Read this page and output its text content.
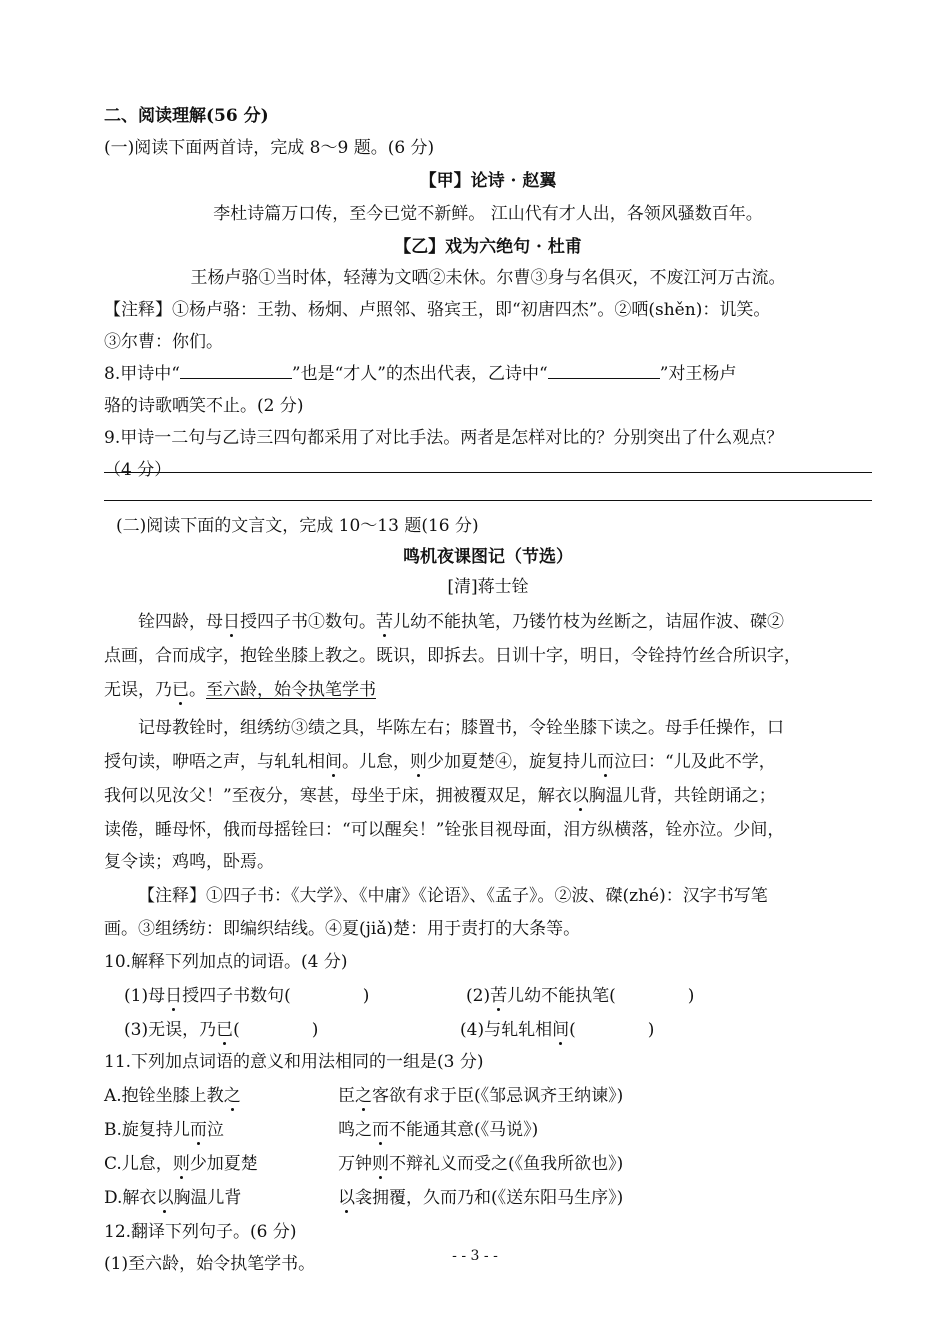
二、阅读理解(56 分)
(一)阅读下面两首诗，完成 8～9 题。(6 分)
【甲】论诗 · 赵翼
李杜诗篇万口传，至今已觉不新鲜。 江山代有才人出，各领风骚数百年。
【乙】戏为六绝句 · 杜甫
王杨卢骆①当时体，轻薄为文哂②未休。尔曹③身与名俱灭，不废江河万古流。
【注释】①杨卢骆：王勃、杨炯、卢照邻、骆宾王，即“初唐四杰”。②哂(shěn)：讥笑。
③尔曹：你们。
8.甲诗中“	”也是“才人”的杰出代表，乙诗中“	”对王杨卢
骆的诗歌哂笑不止。(2 分)
9.甲诗一二句与乙诗三四句都采用了对比手法。两者是怎样对比的？分别突出了什么观点？
（4 分）
(二)阅读下面的文言文，完成 10～13 题(16 分)
鸣机夜课图记（节选）
[清]蒋士铨
铨四龄，母日授四子书①数句。苦儿幼不能执笔，乃镂竹枝为丝断之，诘屈作波、磔②
点画，合而成字，抱铨坐膝上教之。既识，即拆去。日训十字，明日，令铨持竹丝合所识字，
无误，乃已。至六龄，始令执笔学书
记母教铨时，组绣纺③绩之具，毕陈左右；膝置书，令铨坐膝下读之。母手任操作，口
授句读，咿唔之声，与轧轧相间。儿怠，则少加夏楚④，旋复持儿而泣曰：“儿及此不学，
我何以见汝父！”至夜分，寒甚，母坐于床，拥被覆双足，解衣以胸温儿背，共铨朗诵之；
读倦，睡母怀，俄而母摇铨曰：“可以醒矣！”铨张目视母面，泪方纵横落，铨亦泣。少间，
复令读；鸡鸣，卧焉。
【注释】①四子书：《大学》、《中庸》《论语》、《孟子》。②波、磔(zhé)：汉字书写笔
画。③组绣纺：即编织结线。④夏(jiǎ)楚：用于责打的大条等。
10.解释下列加点的词语。(4 分)
(1)母日授四子书数句(	)	(2)苦儿幼不能执笔(	)
(3)无误，乃已(	)	(4)与轧轧相间(	)
11.下列加点词语的意义和用法相同的一组是(3 分)
A.抱铨坐膝上教之	臣之客欲有求于臣(《邹忌讽齐王纳谏》)
B.旋复持儿而泣	鸣之而不能通其意(《马说》)
C.儿怠，则少加夏楚	万钟则不辩礼义而受之(《鱼我所欲也》)
D.解衣以胸温儿背	以衾拥覆，久而乃和(《送东阳马生序》)
12.翻译下列句子。(6 分)
(1)至六龄，始令执笔学书。	- - 3 - -
